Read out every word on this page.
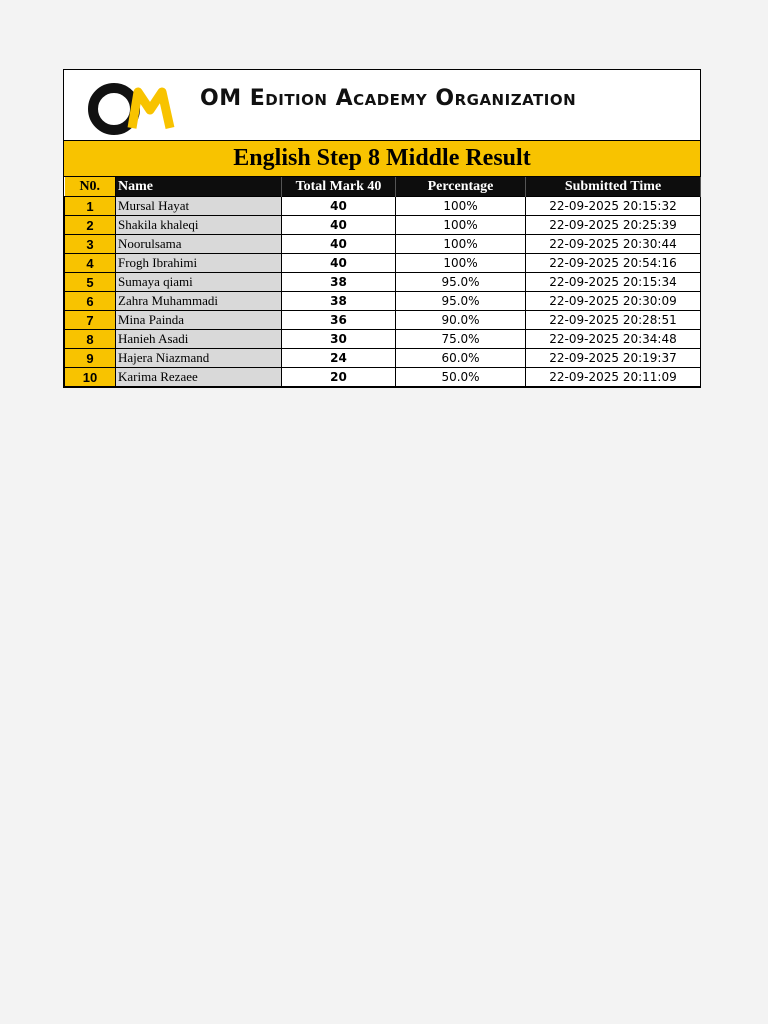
OM Edition Academy Organization
English Step 8 Middle Result
N0.	Name	Total Mark 40	Percentage	Submitted Time
1	Mursal Hayat	40	100%	22-09-2025 20:15:32
2	Shakila khaleqi	40	100%	22-09-2025 20:25:39
3	Noorulsama	40	100%	22-09-2025 20:30:44
4	Frogh Ibrahimi	40	100%	22-09-2025 20:54:16
5	Sumaya qiami	38	95.0%	22-09-2025 20:15:34
6	Zahra Muhammadi	38	95.0%	22-09-2025 20:30:09
7	Mina Painda	36	90.0%	22-09-2025 20:28:51
8	Hanieh Asadi	30	75.0%	22-09-2025 20:34:48
9	Hajera Niazmand	24	60.0%	22-09-2025 20:19:37
10	Karima Rezaee	20	50.0%	22-09-2025 20:11:09
